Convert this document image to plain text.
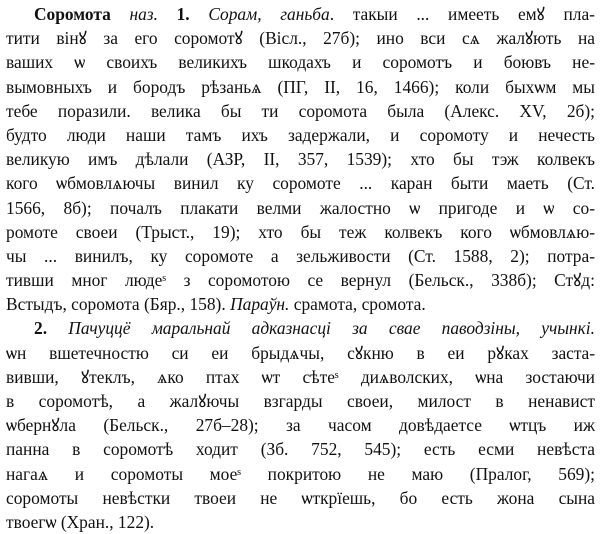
Соромота наз. 1. Сорам, ганьба. такыи ... имееть емꙋ пла-
тити вінꙋ за его соромотꙋ (Вісл., 27б); ино вси сѧ жалꙋють на
ваших ѡ своихъ великихъ шкодахъ и соромотъ и боювъ не-
вымовныхъ и бородъ рѣзаньѧ (ПГ, II, 16, 1466); коли быхѡм мы
тебе поразили. велика бы ти соромота была (Алекс. XV, 2б);
будто люди наши тамъ ихъ задержали, и соромоту и нечесть
великую имъ дѣлали (АЗР, II, 357, 1539); хто бы тэж колвекъ
кого ѡбмовлѧючы винил ку соромоте ... каран быти маеть (Ст.
1566, 8б); почалъ плакати велми жалостно ѡ пригоде и ѡ со-
ромоте своеи (Трыст., 19); хто бы теж колвекъ кого ѡбмовлѧю-
чы ... винилъ, ку соромоте а зельживости (Ст. 1588, 2); потра-
тивши мног людеˢ з соромотою се вернул (Бельск., 338б); Стꙋд:
Встыдъ, соромота (Бяр., 158). Параўн. срамота, сромота.
2. Пачуццё маральнай адказнасці за свае паводзіны, учынкі.
ѡн вшетечностю си еи брыдѧчы, сꙋкню в еи рꙋках застa-
вивши, ꙋтеклъ, ѧко птах ѡт сѣтеˢ диѧволских, ѡна зостаючи
в соромотѣ, а жалꙋючы взгарды своеи, милост в ненавист
ѡбернꙋла (Бельск., 27б–28); за часом довѣдаетсе ѡтцъ иж
панна в соромотѣ ходит (Зб. 752, 545); есть есми невѣста
нагаѧ и соромоты моеˢ покритою не маю (Пралог, 569);
соромоты невѣстки твоеи не ѡткрїешь, бо есть жона сына
твоегѡ (Хран., 122).
